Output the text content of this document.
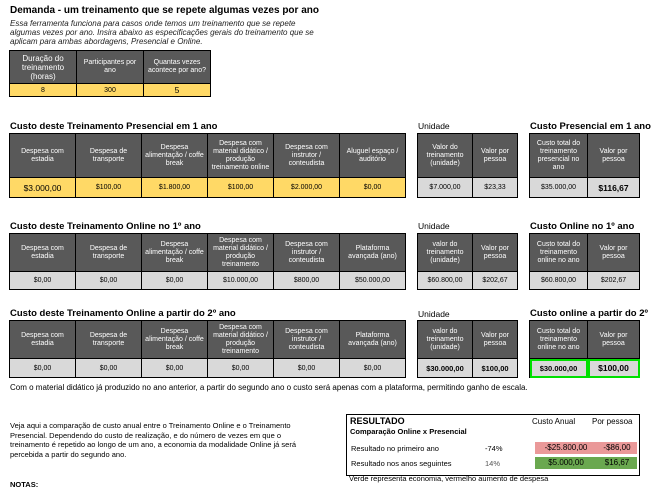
Demanda - um treinamento que se repete algumas vezes por ano
Essa ferramenta funciona para casos onde temos um treinamento que se repete
algumas vezes por ano. Insira abaixo as especificações gerais do treinamento que se
aplicam para ambas abordagens, Presencial e Online.
Duração do treinamento (horas)	Participantes por ano	Quantas vezes acontece por ano?
8	300	5
Custo deste Treinamento Presencial em 1 ano	Unidade	Custo Presencial em 1 ano
Despesa com estadia	Despesa de transporte	Despesa alimentação / coffe break	Despesa com material didático / produção treinamento online	Despesa com instrutor / conteudista	Aluguel espaço / auditório
$3.000,00	$100,00	$1.800,00	$100,00	$2.000,00	$0,00
Valor do treinamento (unidade)	Valor por pessoa
$7.000,00	$23,33
Custo total do treinamento presencial no ano	Valor por pessoa
$35.000,00	$116,67
Custo deste Treinamento Online no 1º ano	Unidade	Custo Online no 1º ano
Despesa com estadia	Despesa de transporte	Despesa alimentação / coffe break	Despesa com material didático / produção treinamento	Despesa com instrutor / conteudista	Plataforma avançada (ano)
$0,00	$0,00	$0,00	$10.000,00	$800,00	$50.000,00
valor do treinamento (unidade)	Valor por pessoa
$60.800,00	$202,67
Custo total do treinamento online no ano	Valor por pessoa
$60.800,00	$202,67
Custo deste Treinamento Online a partir do 2º ano	Unidade	Custo online a partir do 2º
Despesa com estadia	Despesa de transporte	Despesa alimentação / coffe break	Despesa com material didático / produção treinamento	Despesa com instrutor / conteudista	Plataforma avançada (ano)
$0,00	$0,00	$0,00	$0,00	$0,00	$0,00
valor do treinamento (unidade)	Valor por pessoa
$30.000,00	$100,00
Custo total do treinamento online no ano	Valor por pessoa
$30.000,00	$100,00
Com o material didático já produzido no ano anterior, a partir do segundo ano o custo será apenas com a plataforma, permitindo ganho de escala.
Veja aqui a comparação de custo anual entre o Treinamento Online e o Treinamento
Presencial. Dependendo do custo de realização, e do número de vezes em que o
treinamento é repetido ao longo de um ano, a economia da modalidade Online já será
percebida a partir do segundo ano.
RESULTADO
Comparação Online x Presencial
Custo Anual Por pessoa
Resultado no primeiro ano	-74%	-$25.800,00	-$86,00
Resultado nos anos seguintes	14%	$5.000,00	$16,67
Verde representa economia, vermelho aumento de despesa
NOTAS:
